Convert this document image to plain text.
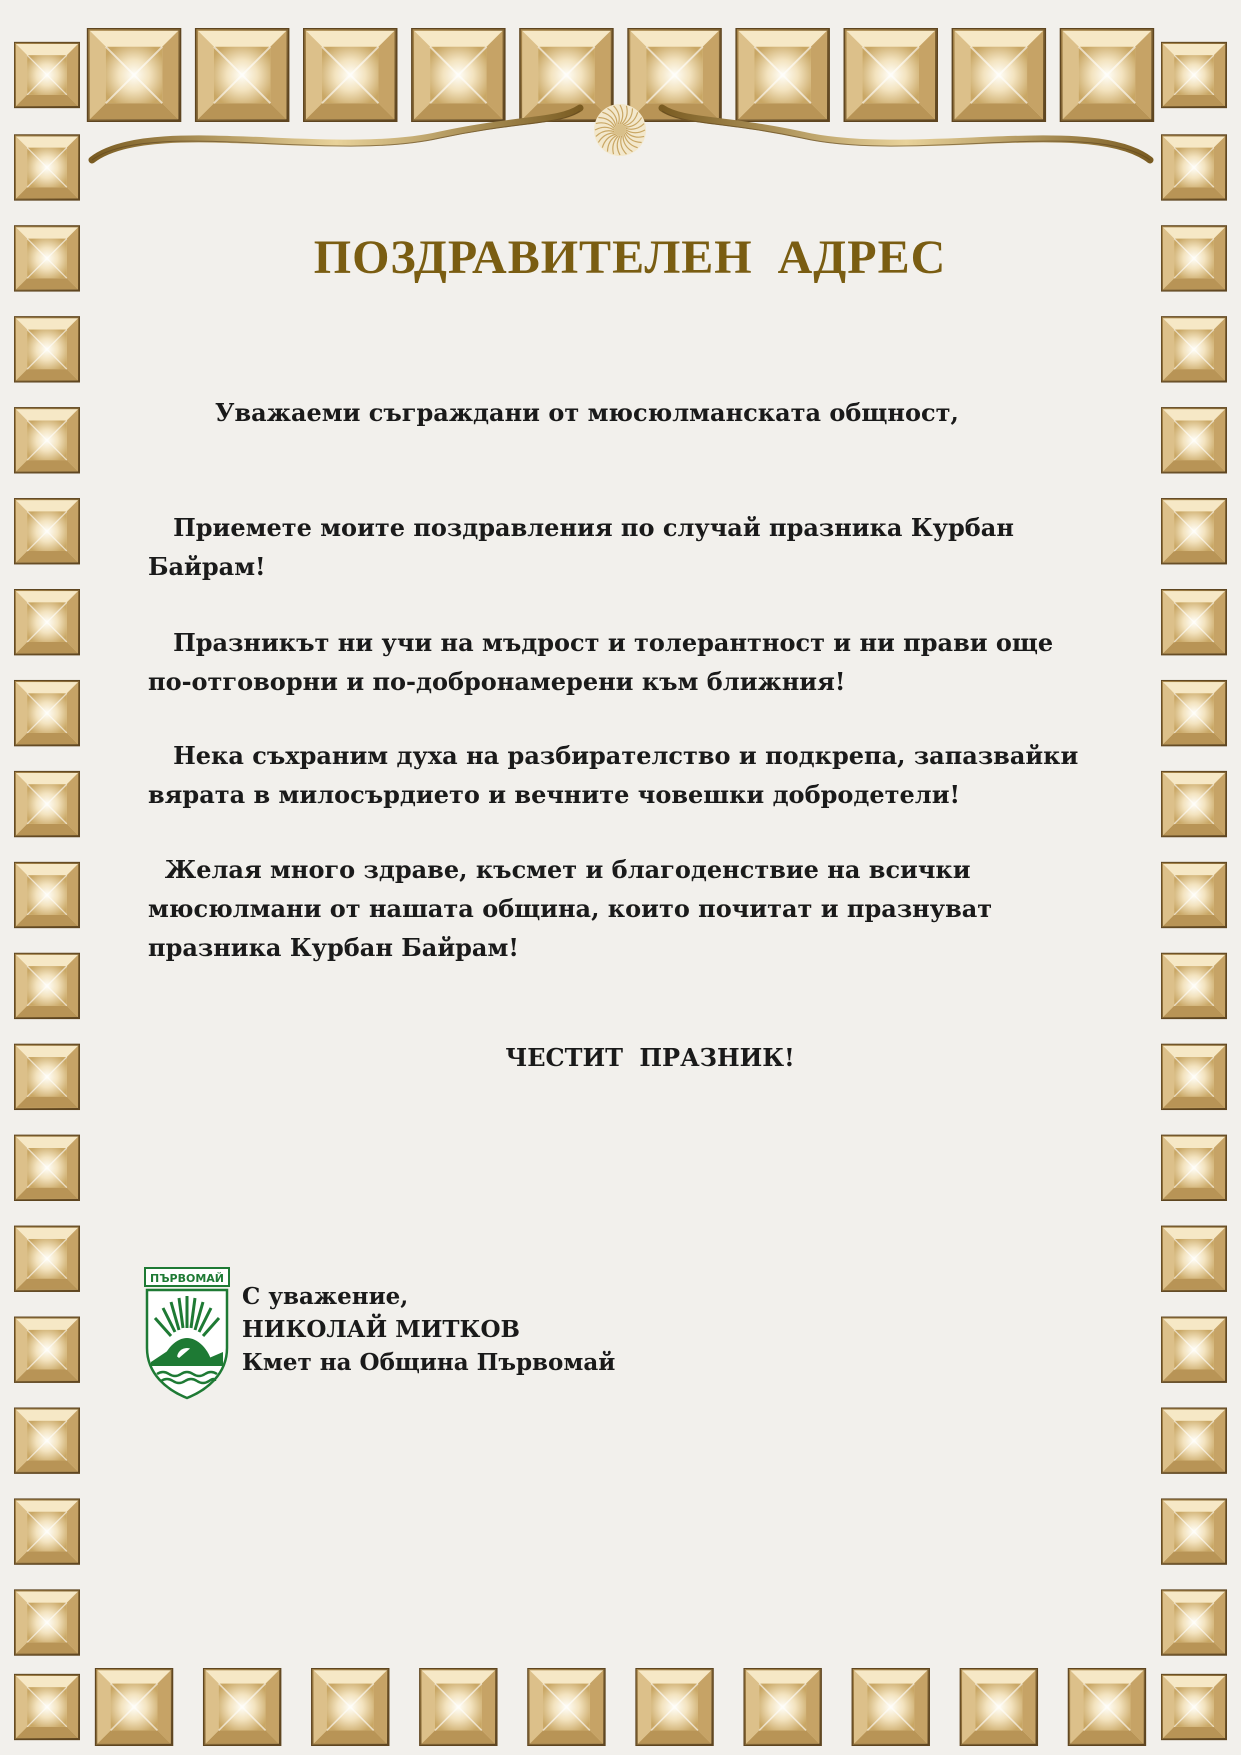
ПОЗДРАВИТЕЛЕН АДРЕС

Уважаеми съграждани от мюсюлманската общност,

Приемете моите поздравления по случай празника Курбан Байрам!

Празникът ни учи на мъдрост и толерантност и ни прави още по-отговорни и по-добронамерени към ближния!

Нека съхраним духа на разбирателство и подкрепа, запазвайки вярата в милосърдието и вечните човешки добродетели!

Желая много здраве, късмет и благоденствие на всички мюсюлмани от нашата община, които почитат и празнуват празника Курбан Байрам!

ЧЕСТИТ ПРАЗНИК!

ПЪРВОМАЙ
С уважение,
НИКОЛАЙ МИТКОВ
Кмет на Община Първомай
